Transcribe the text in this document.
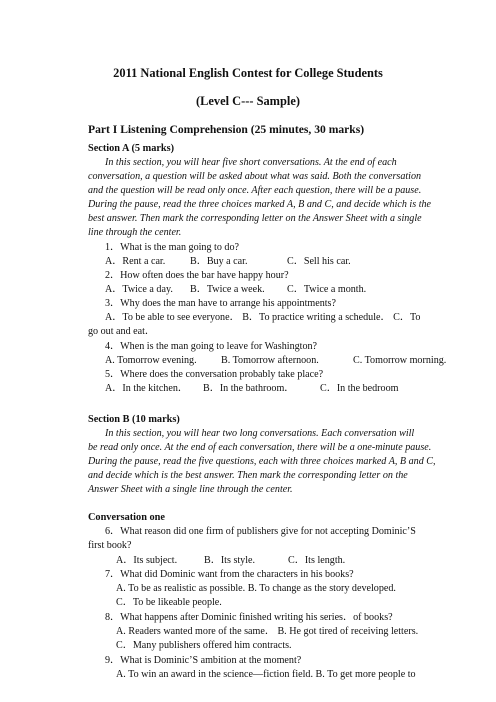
2011 National English Contest for College Students
(Level C--- Sample)
Part I Listening Comprehension (25 minutes, 30 marks)
Section A (5 marks)
In this section, you will hear five short conversations. At the end of each
conversation, a question will be asked about what was said. Both the conversation
and the question will be read only once. After each question, there will be a pause.
During the pause, read the three choices marked A, B and C, and decide which is the
best answer. Then mark the corresponding letter on the Answer Sheet with a single
line through the center.
1．What is the man going to do?
A．Rent a car. B．Buy a car.	C．Sell his car.
2．How often does the bar have happy hour?
A．Twice a day. B．Twice a week. C．Twice a month.
3．Why does the man have to arrange his appointments?
A．To be able to see everyone． B．To practice writing a schedule． C．To
go out and eat．
4．When is the man going to leave for Washington?
A. Tomorrow evening. B. Tomorrow afternoon.	C. Tomorrow morning.
5．Where does the conversation probably take place?
A．In the kitchen． B．In the bathroom．	C．In the bedroom
Section B (10 marks)
In this section, you will hear two long conversations. Each conversation will
be read only once. At the end of each conversation, there will be a one-minute pause.
During the pause, read the five questions, each with three choices marked A, B and C,
and decide which is the best answer. Then mark the corresponding letter on the
Answer Sheet with a single line through the center.
Conversation one
6．What reason did one firm of publishers give for not accepting Dominic’S
first book?
A．Its subject.	B．Its style.	C．Its length.
7．What did Dominic want from the characters in his books?
A. To be as realistic as possible. B. To change as the story developed.
C．To be likeable people.
8．What happens after Dominic finished writing his series．of books?
A. Readers wanted more of the same． B. He got tired of receiving letters.
C．Many publishers offered him contracts.
9．What is Dominic’S ambition at the moment?
A. To win an award in the science—fiction field. B. To get more people to
